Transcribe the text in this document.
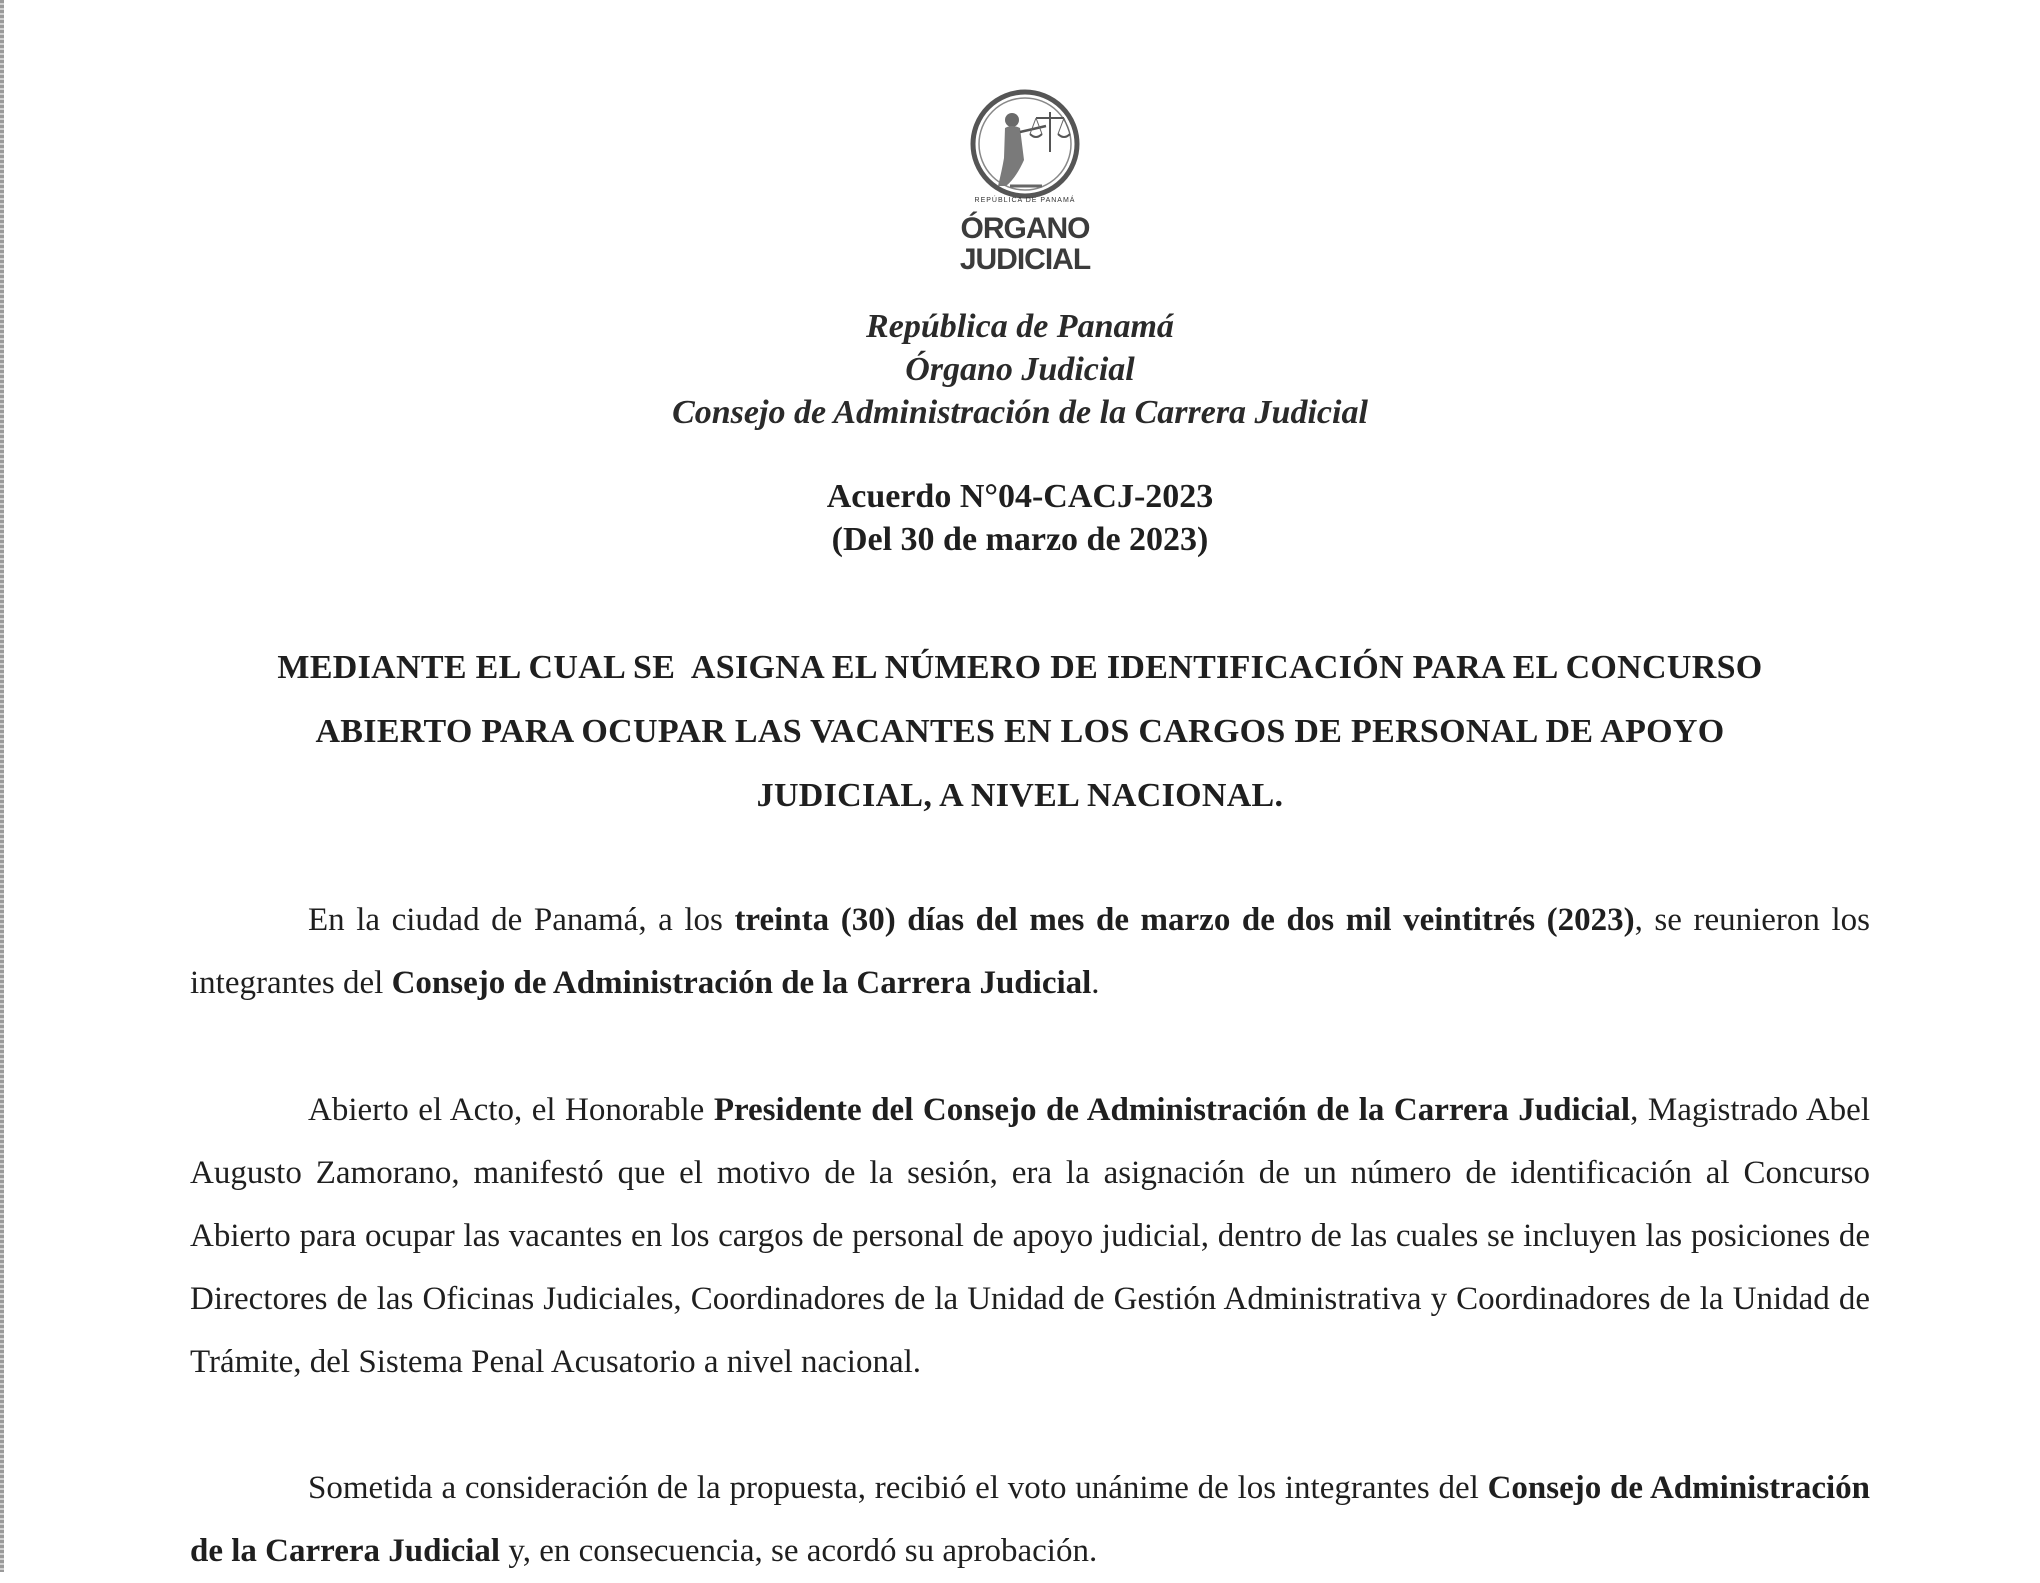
REPÚBLICA DE PANAMÁ
ÓRGANO
JUDICIAL
República de Panamá
Órgano Judicial
Consejo de Administración de la Carrera Judicial
Acuerdo N°04-CACJ-2023
(Del 30 de marzo de 2023)
MEDIANTE EL CUAL SE  ASIGNA EL NÚMERO DE IDENTIFICACIÓN PARA EL CONCURSO
ABIERTO PARA OCUPAR LAS VACANTES EN LOS CARGOS DE PERSONAL DE APOYO
JUDICIAL, A NIVEL NACIONAL.
En la ciudad de Panamá, a los treinta (30) días del mes de marzo de dos mil veintitrés (2023), se reunieron los integrantes del Consejo de Administración de la Carrera Judicial.
Abierto el Acto, el Honorable Presidente del Consejo de Administración de la Carrera Judicial, Magistrado Abel Augusto Zamorano, manifestó que el motivo de la sesión, era la asignación de un número de identificación al Concurso Abierto para ocupar las vacantes en los cargos de personal de apoyo judicial, dentro de las cuales se incluyen las posiciones de Directores de las Oficinas Judiciales, Coordinadores de la Unidad de Gestión Administrativa y Coordinadores de la Unidad de Trámite, del Sistema Penal Acusatorio a nivel nacional.
Sometida a consideración de la propuesta, recibió el voto unánime de los integrantes del Consejo de Administración de la Carrera Judicial y, en consecuencia, se acordó su aprobación.
